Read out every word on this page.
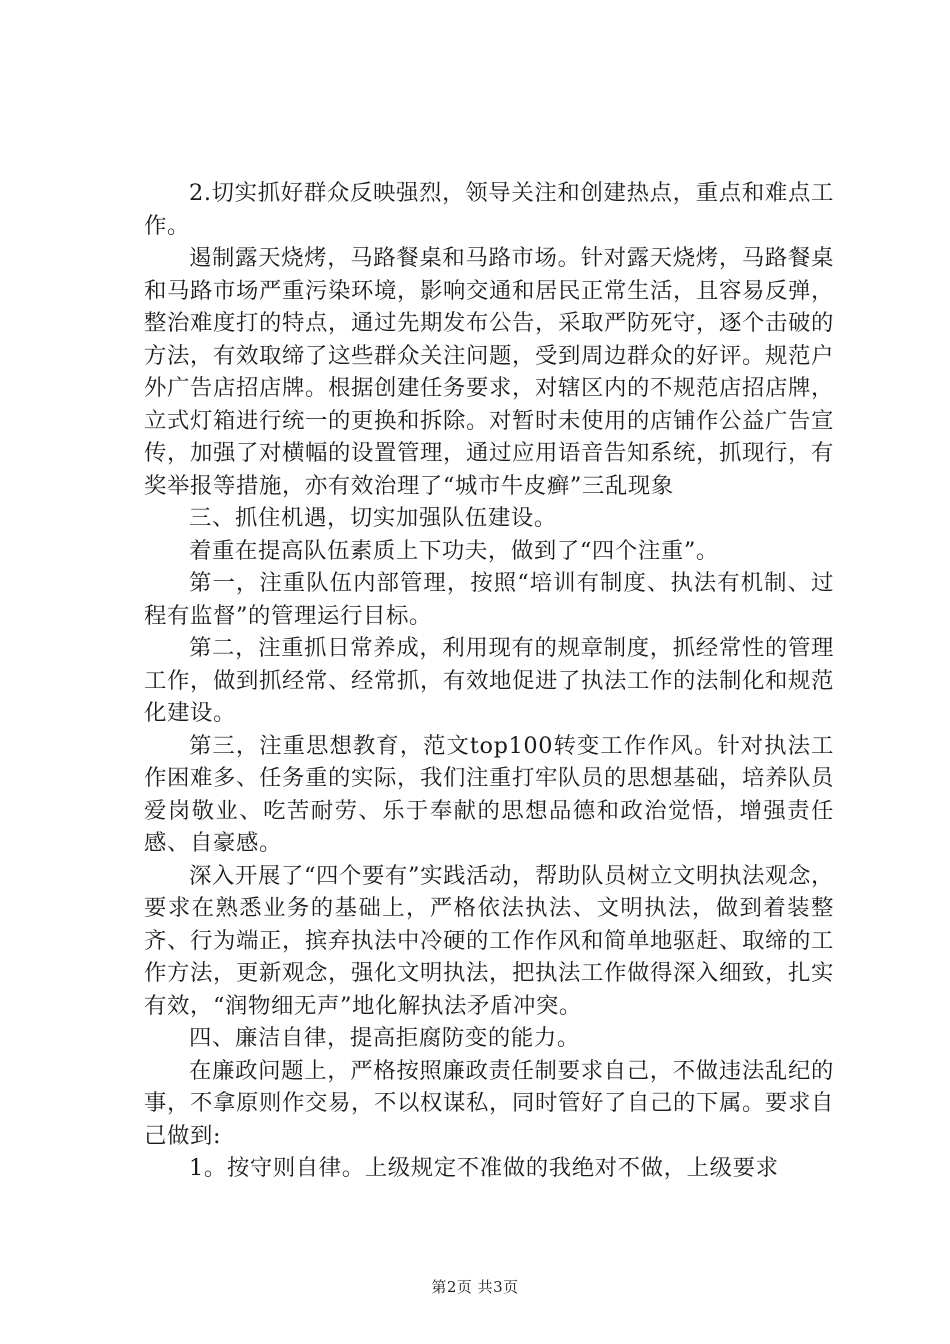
2.切实抓好群众反映强烈，领导关注和创建热点，重点和难点工作。

遏制露天烧烤，马路餐桌和马路市场。针对露天烧烤，马路餐桌和马路市场严重污染环境，影响交通和居民正常生活，且容易反弹，整治难度打的特点，通过先期发布公告，采取严防死守，逐个击破的方法，有效取缔了这些群众关注问题，受到周边群众的好评。规范户外广告店招店牌。根据创建任务要求，对辖区内的不规范店招店牌，立式灯箱进行统一的更换和拆除。对暂时未使用的店铺作公益广告宣传，加强了对横幅的设置管理，通过应用语音告知系统，抓现行，有奖举报等措施，亦有效治理了“城市牛皮癣”三乱现象

三、抓住机遇，切实加强队伍建设。

着重在提高队伍素质上下功夫，做到了“四个注重”。

第一，注重队伍内部管理，按照“培训有制度、执法有机制、过程有监督”的管理运行目标。

第二，注重抓日常养成，利用现有的规章制度，抓经常性的管理工作，做到抓经常、经常抓，有效地促进了执法工作的法制化和规范化建设。

第三，注重思想教育，范文top100转变工作作风。针对执法工作困难多、任务重的实际，我们注重打牢队员的思想基础，培养队员爱岗敬业、吃苦耐劳、乐于奉献的思想品德和政治觉悟，增强责任感、自豪感。

深入开展了“四个要有”实践活动，帮助队员树立文明执法观念，要求在熟悉业务的基础上，严格依法执法、文明执法，做到着装整齐、行为端正，摈弃执法中冷硬的工作作风和简单地驱赶、取缔的工作方法，更新观念，强化文明执法，把执法工作做得深入细致，扎实有效，“润物细无声”地化解执法矛盾冲突。

四、廉洁自律，提高拒腐防变的能力。

在廉政问题上，严格按照廉政责任制要求自己，不做违法乱纪的事，不拿原则作交易，不以权谋私，同时管好了自己的下属。要求自己做到:

1。按守则自律。上级规定不准做的我绝对不做，上级要求

第2页 共3页
